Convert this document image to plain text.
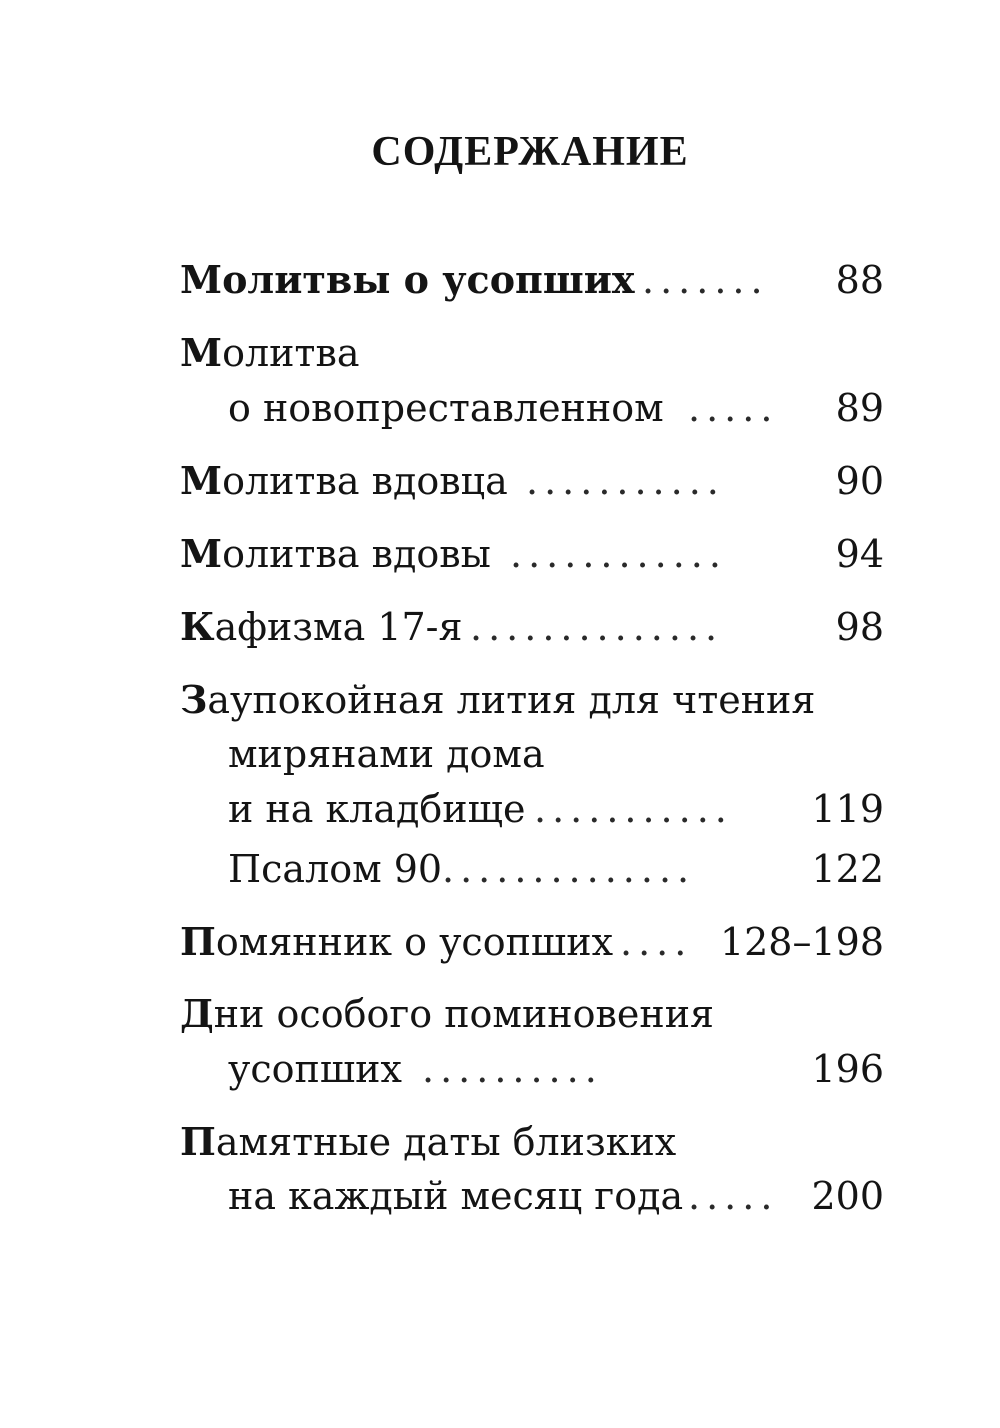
СОДЕРЖАНИЕ
Молитвы о усопших ....... 88
Молитва
о новопреставленном ..... 89
Молитва вдовца ...........	90
Молитва вдовы ............	94
Кафизма 17-я ..............	98
Заупокойная лития для чтения
мирянами дома
и на кладбище ........... 119
Псалом 90 ..............	122
Помянник о усопших .... 128–198
Дни особого поминовения
усопших ..........	196
Памятные даты близких
на каждый месяц года ..... 200
